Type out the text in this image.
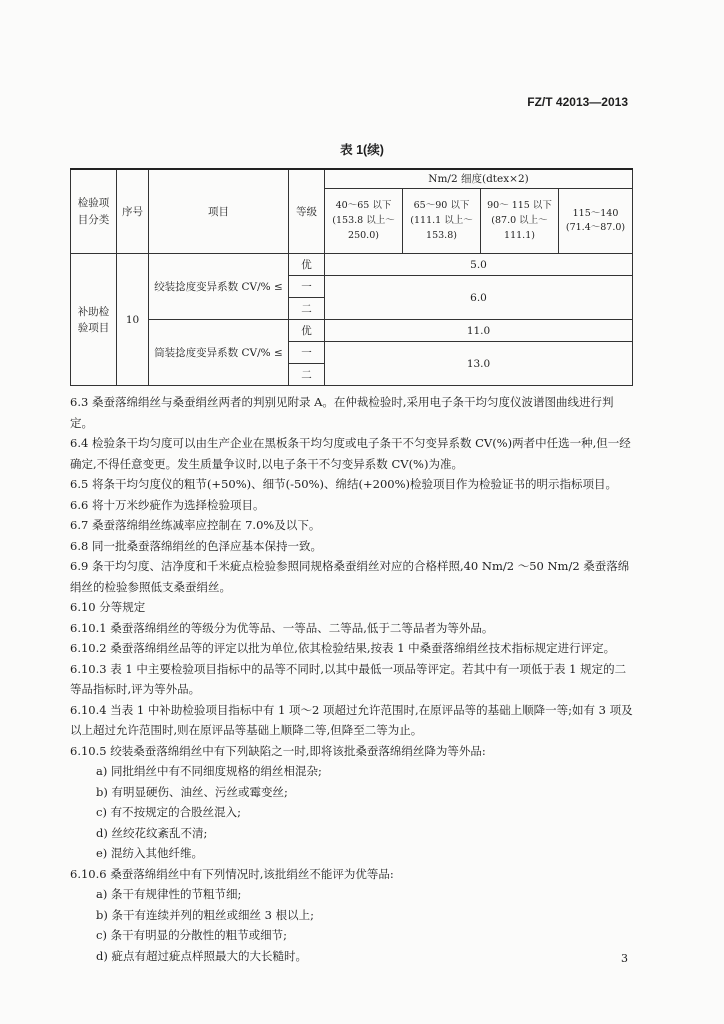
FZ/T 42013—2013
表 1(续)
检验项目分类	序号	项目	等级	Nm/2 细度(dtex×2)			
				40～65 以下 (153.8 以上～ 250.0)	65～90 以下 (111.1 以上～ 153.8)	90～ 115 以下 (87.0 以上～ 111.1)	115～140 (71.4～87.0)
补助检验项目	10	绞装捻度变异系数 CV/% ≤	优	5.0			
			一	6.0			
			二				
		筒装捻度变异系数 CV/% ≤	优	11.0			
			一	13.0			
			二				

6.3 桑蚕落绵绢丝与桑蚕绢丝两者的判别见附录 A。在仲裁检验时,采用电子条干均匀度仪波谱图曲线进行判定。

6.4 检验条干均匀度可以由生产企业在黑板条干均匀度或电子条干不匀变异系数 CV(%)两者中任选一种,但一经确定,不得任意变更。发生质量争议时,以电子条干不匀变异系数 CV(%)为准。

6.5 将条干均匀度仪的粗节(+50%)、细节(-50%)、绵结(+200%)检验项目作为检验证书的明示指标项目。

6.6 将十万米纱疵作为选择检验项目。

6.7 桑蚕落绵绢丝练减率应控制在 7.0%及以下。

6.8 同一批桑蚕落绵绢丝的色泽应基本保持一致。

6.9 条干均匀度、洁净度和千米疵点检验参照同规格桑蚕绢丝对应的合格样照,40 Nm/2 ～50 Nm/2 桑蚕落绵绢丝的检验参照低支桑蚕绢丝。

6.10 分等规定

6.10.1 桑蚕落绵绢丝的等级分为优等品、一等品、二等品,低于二等品者为等外品。

6.10.2 桑蚕落绵绢丝品等的评定以批为单位,依其检验结果,按表 1 中桑蚕落绵绢丝技术指标规定进行评定。

6.10.3 表 1 中主要检验项目指标中的品等不同时,以其中最低一项品等评定。若其中有一项低于表 1 规定的二等品指标时,评为等外品。

6.10.4 当表 1 中补助检验项目指标中有 1 项～2 项超过允许范围时,在原评品等的基础上顺降一等;如有 3 项及以上超过允许范围时,则在原评品等基础上顺降二等,但降至二等为止。

6.10.5 绞装桑蚕落绵绢丝中有下列缺陷之一时,即将该批桑蚕落绵绢丝降为等外品:

a) 同批绢丝中有不同细度规格的绢丝相混杂;

b) 有明显硬伤、油丝、污丝或霉变丝;

c) 有不按规定的合股丝混入;

d) 丝绞花纹紊乱不清;

e) 混纺入其他纤维。

6.10.6 桑蚕落绵绢丝中有下列情况时,该批绢丝不能评为优等品:

a) 条干有规律性的节粗节细;

b) 条干有连续并列的粗丝或细丝 3 根以上;

c) 条干有明显的分散性的粗节或细节;

d) 疵点有超过疵点样照最大的大长糙时。	3
